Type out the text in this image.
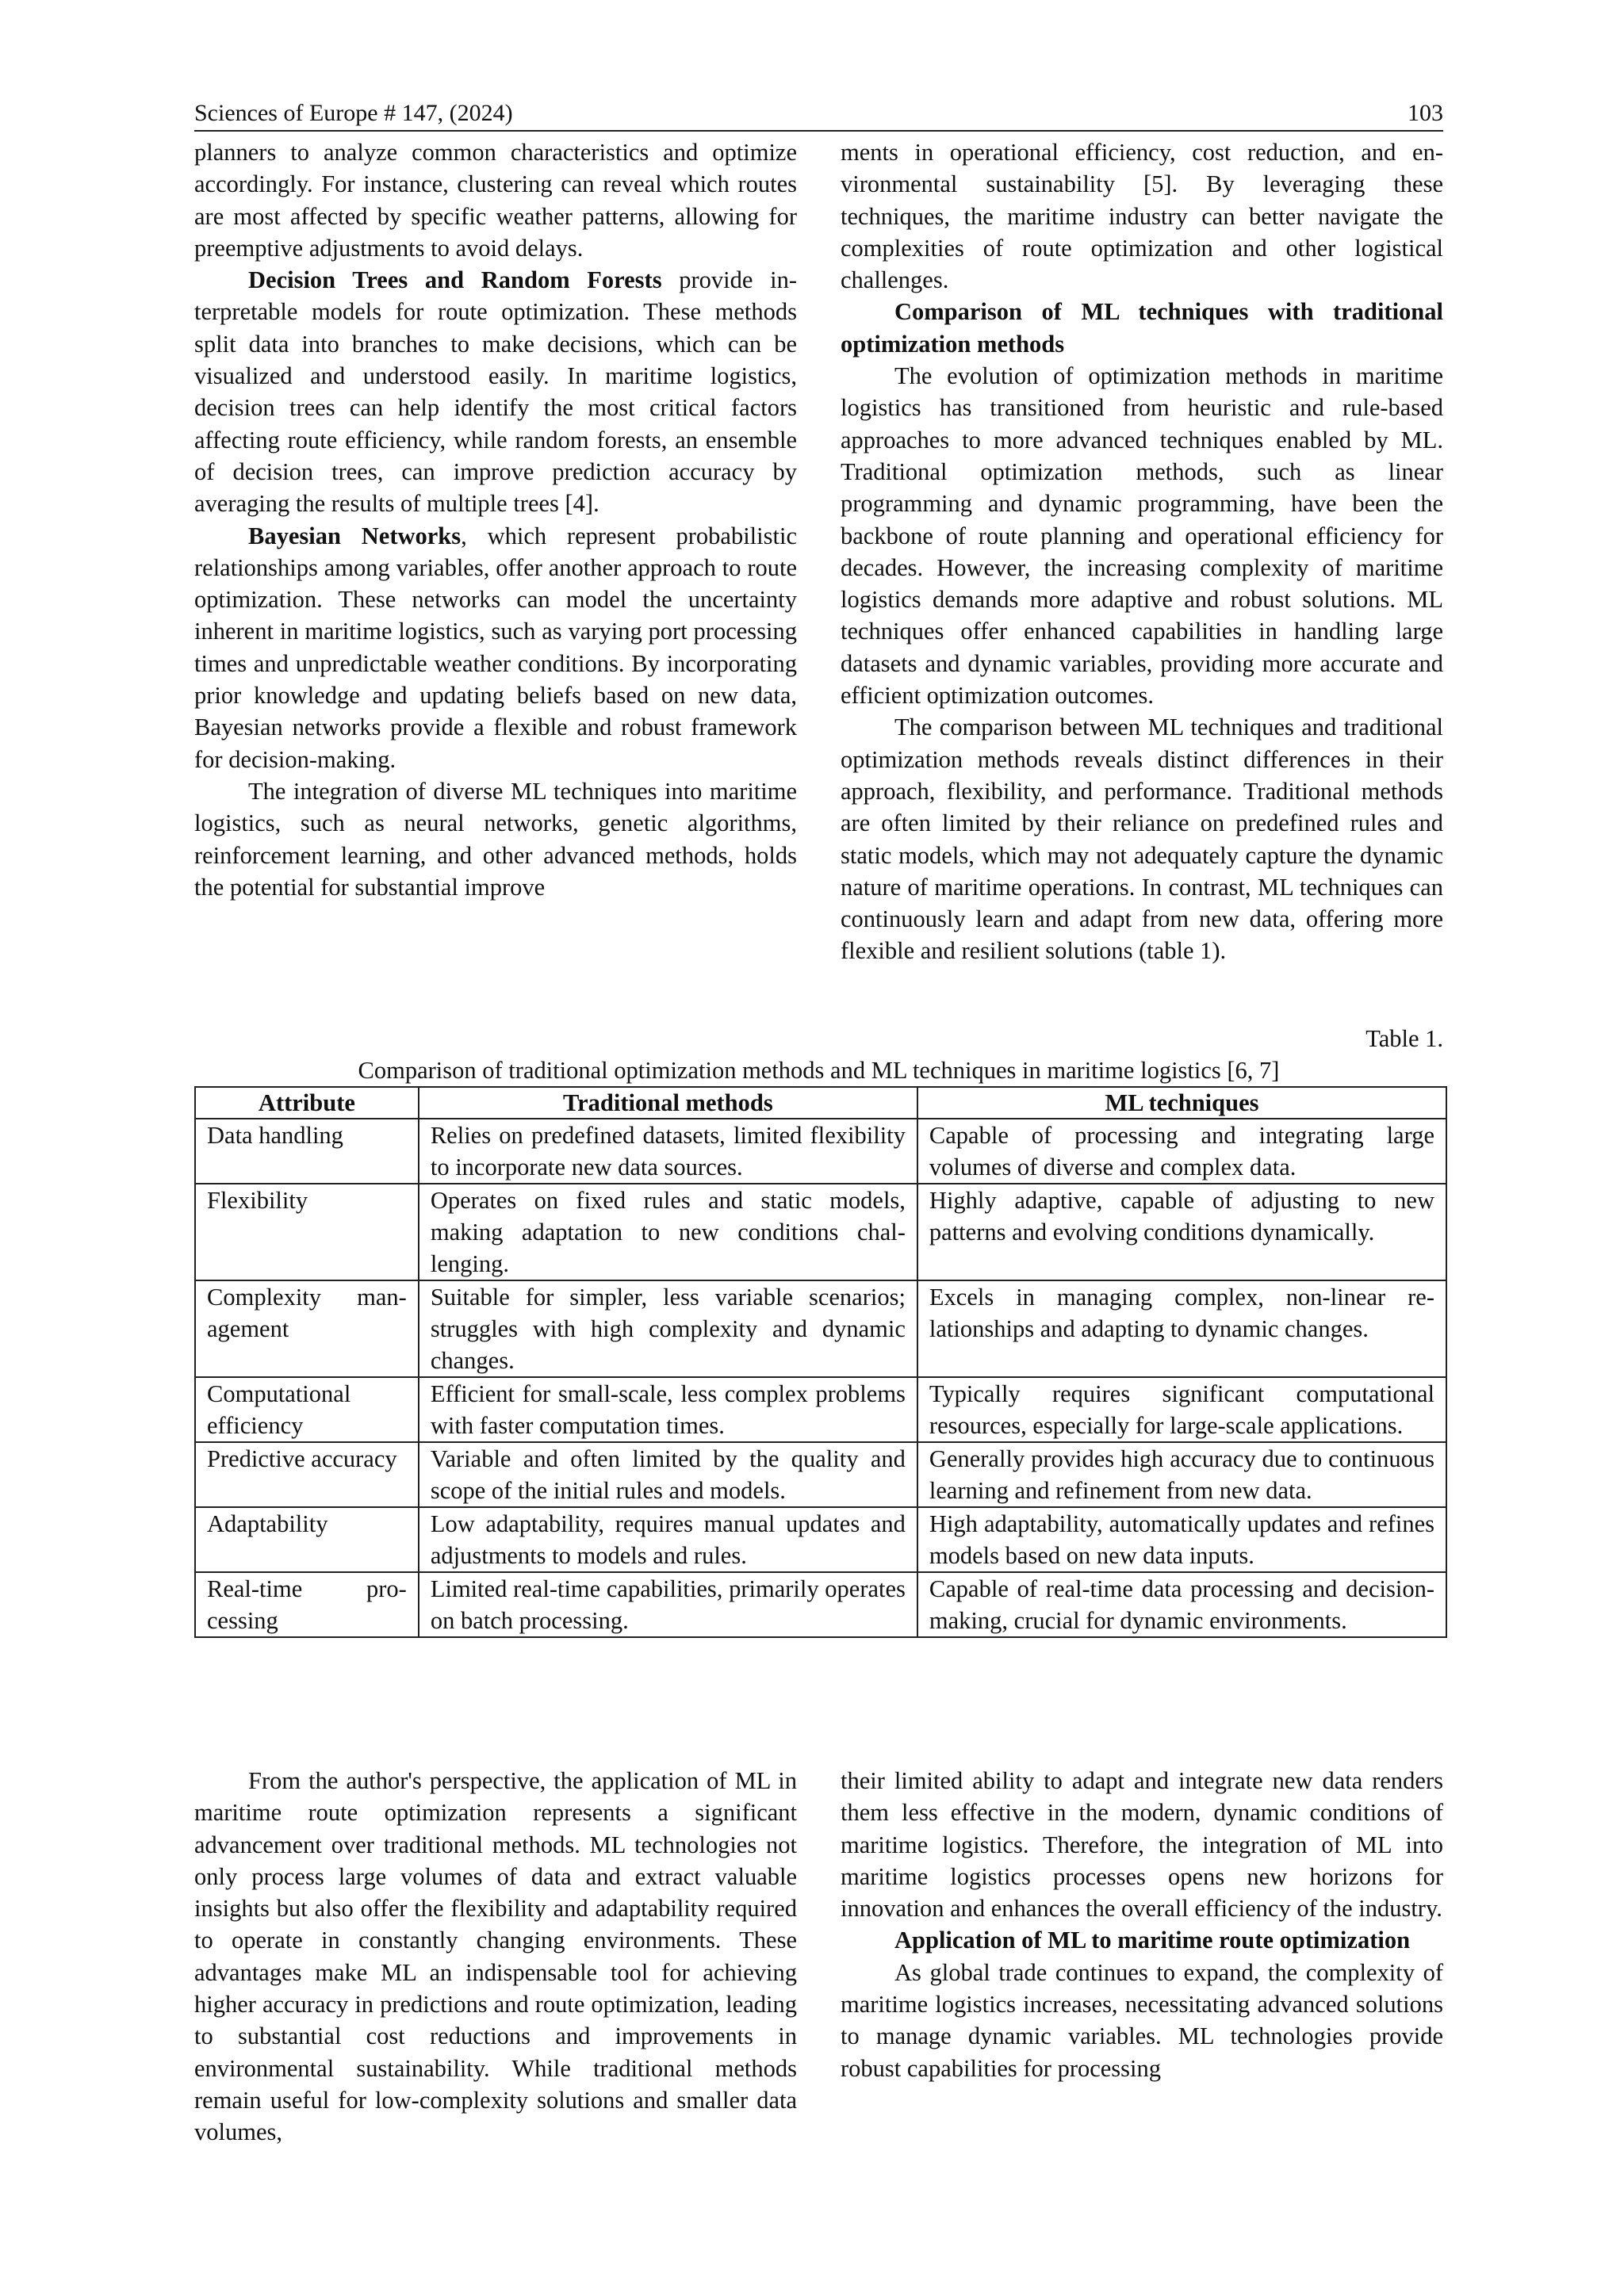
Sciences of Europe # 147, (2024)	103

planners to analyze common characteristics and optimize accordingly. For instance, clustering can reveal which routes are most affected by specific weather patterns, allowing for preemptive adjustments to avoid delays.

Decision Trees and Random Forests provide interpretable models for route optimization. These methods split data into branches to make decisions, which can be visualized and understood easily. In maritime logistics, decision trees can help identify the most critical factors affecting route efficiency, while random forests, an ensemble of decision trees, can improve prediction accuracy by averaging the results of multiple trees [4].

Bayesian Networks, which represent probabilistic relationships among variables, offer another approach to route optimization. These networks can model the uncertainty inherent in maritime logistics, such as varying port processing times and unpredictable weather conditions. By incorporating prior knowledge and updating beliefs based on new data, Bayesian networks provide a flexible and robust framework for decision-making.

The integration of diverse ML techniques into maritime logistics, such as neural networks, genetic algorithms, reinforcement learning, and other advanced methods, holds the potential for substantial improve

ments in operational efficiency, cost reduction, and environmental sustainability [5]. By leveraging these techniques, the maritime industry can better navigate the complexities of route optimization and other logistical challenges.

Comparison of ML techniques with traditional optimization methods

The evolution of optimization methods in maritime logistics has transitioned from heuristic and rule-based approaches to more advanced techniques enabled by ML. Traditional optimization methods, such as linear programming and dynamic programming, have been the backbone of route planning and operational efficiency for decades. However, the increasing complexity of maritime logistics demands more adaptive and robust solutions. ML techniques offer enhanced capabilities in handling large datasets and dynamic variables, providing more accurate and efficient optimization outcomes.

The comparison between ML techniques and traditional optimization methods reveals distinct differences in their approach, flexibility, and performance. Traditional methods are often limited by their reliance on predefined rules and static models, which may not adequately capture the dynamic nature of maritime operations. In contrast, ML techniques can continuously learn and adapt from new data, offering more flexible and resilient solutions (table 1).

Table 1.
Comparison of traditional optimization methods and ML techniques in maritime logistics [6, 7]
Attribute	Traditional methods	ML techniques
Data handling	Relies on predefined datasets, limited flexibility to incorporate new data sources.	Capable of processing and integrating large volumes of diverse and complex data.
Flexibility	Operates on fixed rules and static models, making adaptation to new conditions challenging.	Highly adaptive, capable of adjusting to new patterns and evolving conditions dynamically.
Complexity management	Suitable for simpler, less variable scenarios; struggles with high complexity and dynamic changes.	Excels in managing complex, non-linear relationships and adapting to dynamic changes.
Computational efficiency	Efficient for small-scale, less complex problems with faster computation times.	Typically requires significant computational resources, especially for large-scale applications.
Predictive accuracy	Variable and often limited by the quality and scope of the initial rules and models.	Generally provides high accuracy due to continuous learning and refinement from new data.
Adaptability	Low adaptability, requires manual updates and adjustments to models and rules.	High adaptability, automatically updates and refines models based on new data inputs.
Real-time processing	Limited real-time capabilities, primarily operates on batch processing.	Capable of real-time data processing and decision-making, crucial for dynamic environments.

From the author's perspective, the application of ML in maritime route optimization represents a significant advancement over traditional methods. ML technologies not only process large volumes of data and extract valuable insights but also offer the flexibility and adaptability required to operate in constantly changing environments. These advantages make ML an indispensable tool for achieving higher accuracy in predictions and route optimization, leading to substantial cost reductions and improvements in environmental sustainability. While traditional methods remain useful for low-complexity solutions and smaller data volumes,

their limited ability to adapt and integrate new data renders them less effective in the modern, dynamic conditions of maritime logistics. Therefore, the integration of ML into maritime logistics processes opens new horizons for innovation and enhances the overall efficiency of the industry.

Application of ML to maritime route optimization

As global trade continues to expand, the complexity of maritime logistics increases, necessitating advanced solutions to manage dynamic variables. ML technologies provide robust capabilities for processing
